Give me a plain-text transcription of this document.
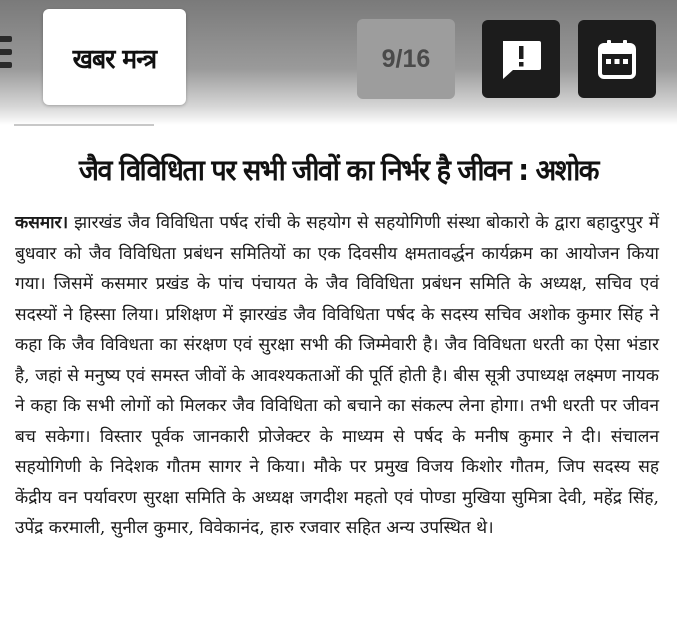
खबर मन्त्र	9/16
जैव विविधिता पर सभी जीवों का निर्भर है जीवन : अशोक
कसमार। झारखंड जैव विविधिता पर्षद रांची के सहयोग से सहयोगिणी संस्था बोकारो के द्वारा बहादुरपुर में बुधवार को जैव विविधिता प्रबंधन समितियों का एक दिवसीय क्षमतावर्द्धन कार्यक्रम का आयोजन किया गया। जिसमें कसमार प्रखंड के पांच पंचायत के जैव विविधिता प्रबंधन समिति के अध्यक्ष, सचिव एवं सदस्यों ने हिस्सा लिया। प्रशिक्षण में झारखंड जैव विविधिता पर्षद के सदस्य सचिव अशोक कुमार सिंह ने कहा कि जैव विविधता का संरक्षण एवं सुरक्षा सभी की जिम्मेवारी है। जैव विविधता धरती का ऐसा भंडार है, जहां से मनुष्य एवं समस्त जीवों के आवश्यकताओं की पूर्ति होती है। बीस सूत्री उपाध्यक्ष लक्ष्मण नायक ने कहा कि सभी लोगों को मिलकर जैव विविधिता को बचाने का संकल्प लेना होगा। तभी धरती पर जीवन बच सकेगा। विस्तार पूर्वक जानकारी प्रोजेक्टर के माध्यम से पर्षद के मनीष कुमार ने दी। संचालन सहयोगिणी के निदेशक गौतम सागर ने किया। मौके पर प्रमुख विजय किशोर गौतम, जिप सदस्य सह केंद्रीय वन पर्यावरण सुरक्षा समिति के अध्यक्ष जगदीश महतो एवं पोण्डा मुखिया सुमित्रा देवी, महेंद्र सिंह, उपेंद्र करमाली, सुनील कुमार, विवेकानंद, हारु रजवार सहित अन्य उपस्थित थे।
